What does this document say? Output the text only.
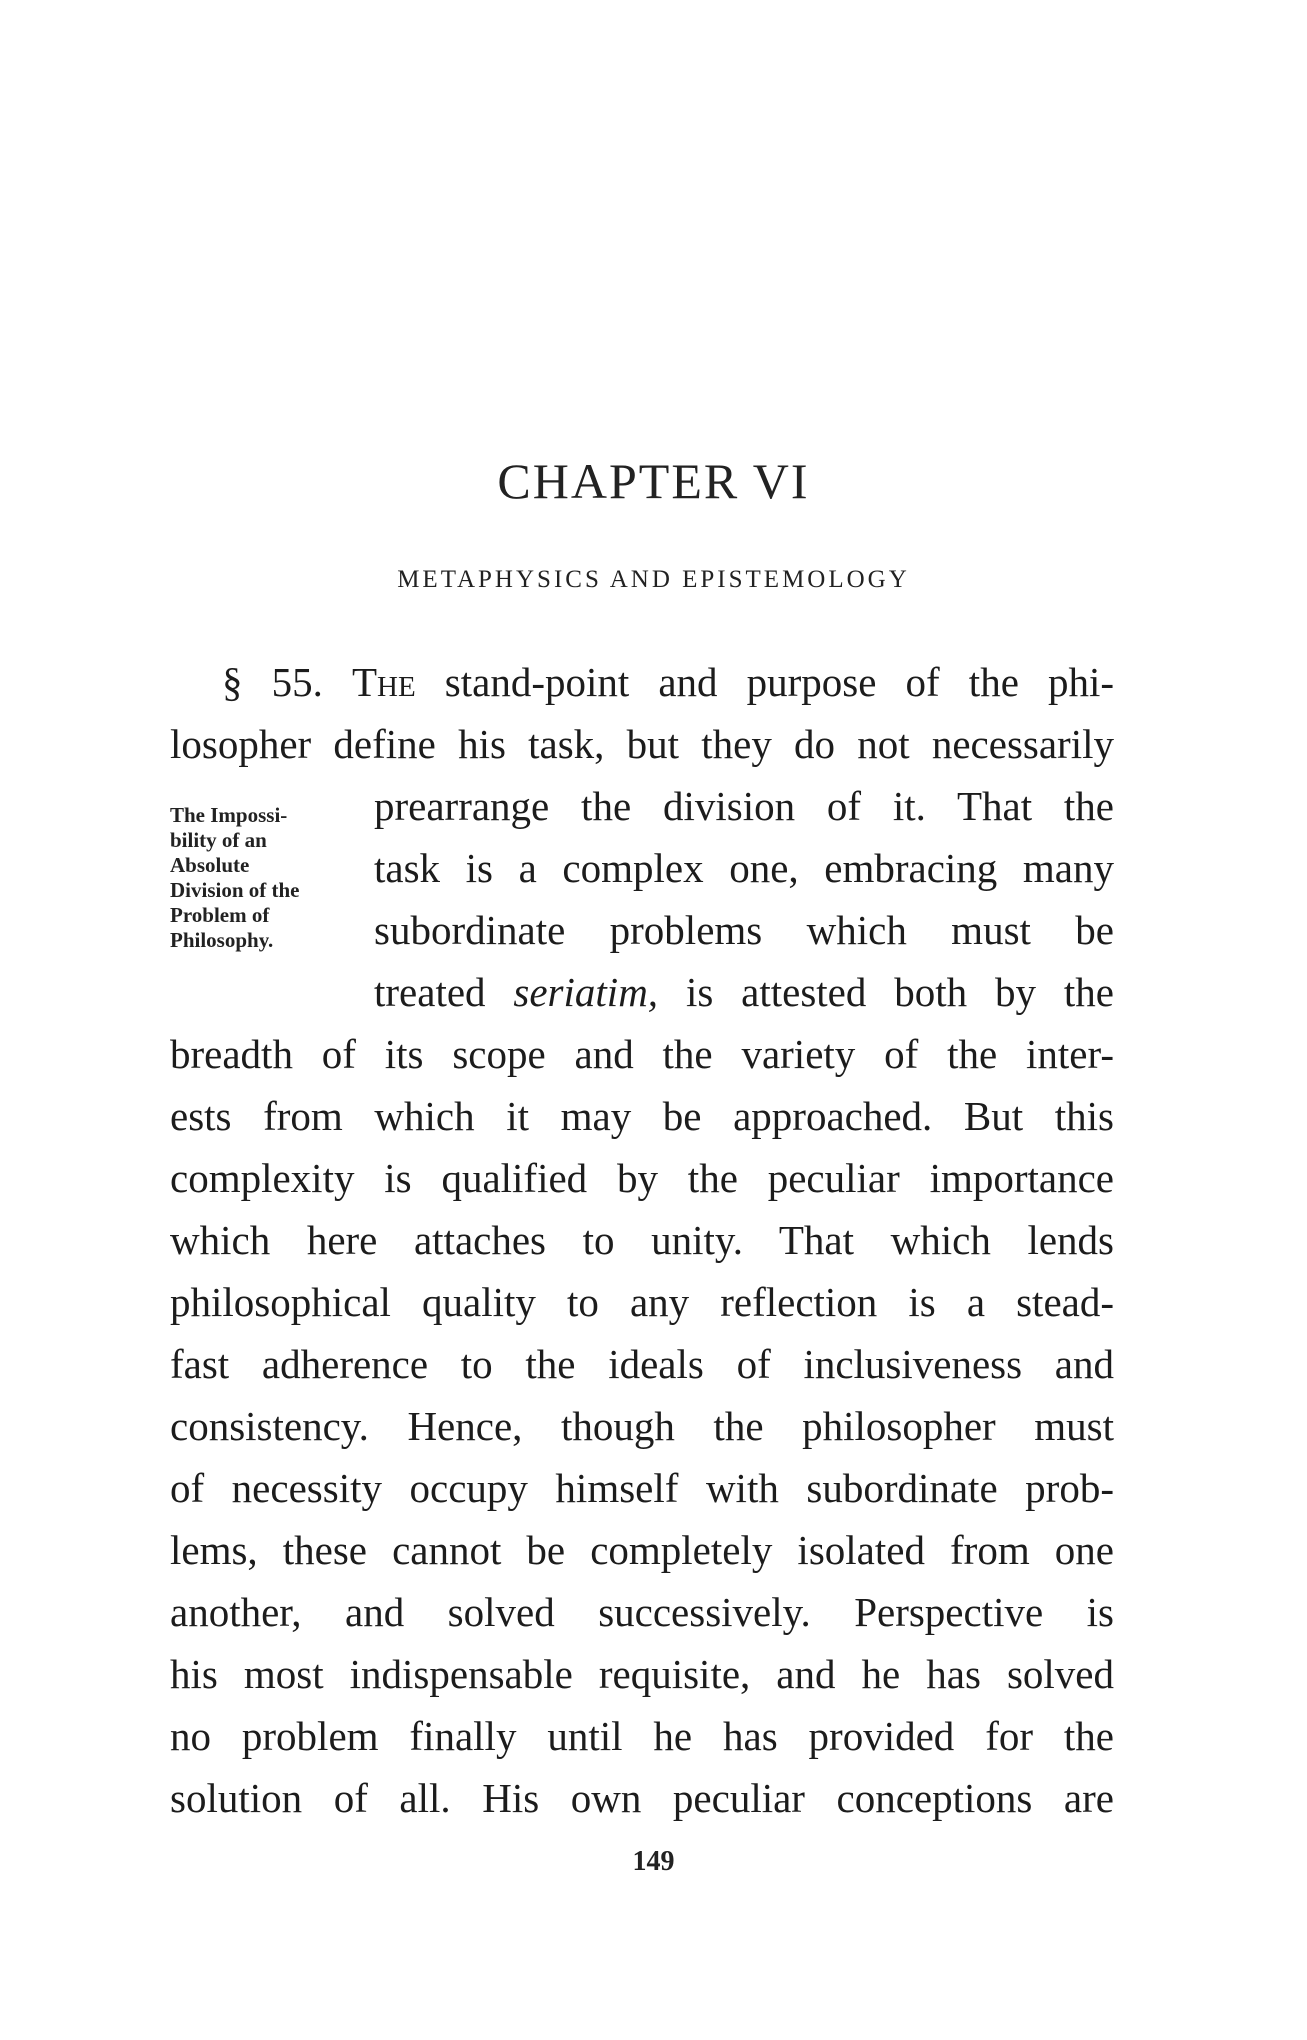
CHAPTER VI
METAPHYSICS AND EPISTEMOLOGY
The Impossi-
bility of an
Absolute
Division of the
Problem of
Philosophy.
§ 55. The stand-point and purpose of the phi-
losopher define his task, but they do not necessarily
prearrange the division of it. That the
task is a complex one, embracing many
subordinate problems which must be
treated seriatim, is attested both by the
breadth of its scope and the variety of the inter-
ests from which it may be approached. But this
complexity is qualified by the peculiar importance
which here attaches to unity. That which lends
philosophical quality to any reflection is a stead-
fast adherence to the ideals of inclusiveness and
consistency. Hence, though the philosopher must
of necessity occupy himself with subordinate prob-
lems, these cannot be completely isolated from one
another, and solved successively. Perspective is
his most indispensable requisite, and he has solved
no problem finally until he has provided for the
solution of all. His own peculiar conceptions are
149
